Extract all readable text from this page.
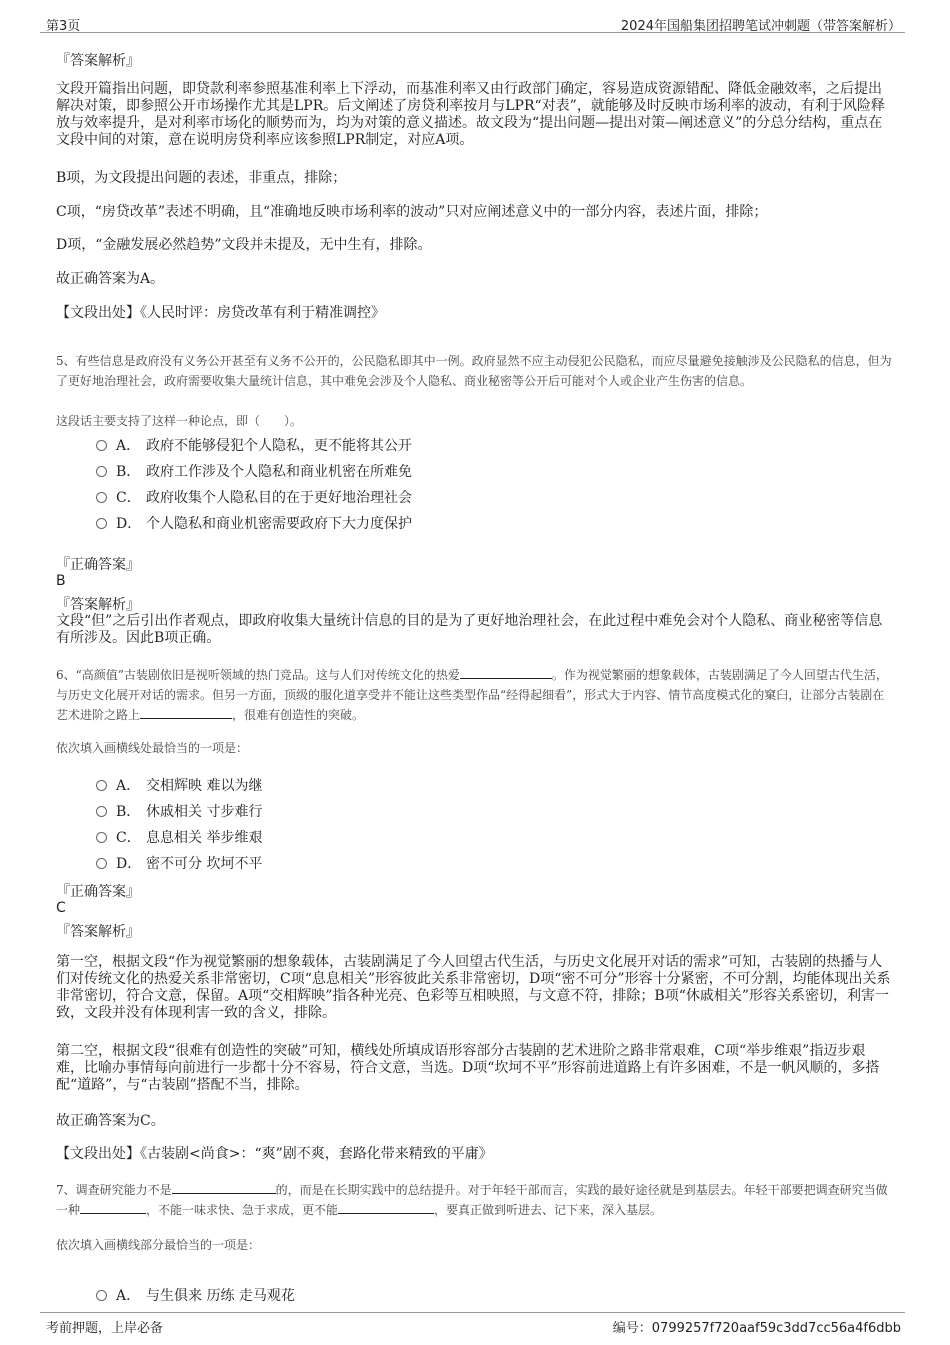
第3页	2024年国船集团招聘笔试冲刺题（带答案解析）

『答案解析』

文段开篇指出问题，即贷款利率参照基准利率上下浮动，而基准利率又由行政部门确定，容易造成资源错配、降低金融效率，之后提出解决对策，即参照公开市场操作尤其是LPR。后文阐述了房贷利率按月与LPR“对表”，就能够及时反映市场利率的波动，有利于风险释放与效率提升，是对利率市场化的顺势而为，均为对策的意义描述。故文段为“提出问题—提出对策—阐述意义”的分总分结构，重点在文段中间的对策，意在说明房贷利率应该参照LPR制定，对应A项。

B项，为文段提出问题的表述，非重点，排除；

C项，“房贷改革”表述不明确，且“准确地反映市场利率的波动”只对应阐述意义中的一部分内容，表述片面，排除；

D项，“金融发展必然趋势”文段并未提及，无中生有，排除。

故正确答案为A。

【文段出处】《人民时评：房贷改革有利于精准调控》

5、有些信息是政府没有义务公开甚至有义务不公开的，公民隐私即其中一例。政府显然不应主动侵犯公民隐私，而应尽量避免接触涉及公民隐私的信息，但为了更好地治理社会，政府需要收集大量统计信息，其中难免会涉及个人隐私、商业秘密等公开后可能对个人或企业产生伤害的信息。

这段话主要支持了这样一种论点，即（　　）。

A． 政府不能够侵犯个人隐私，更不能将其公开
B． 政府工作涉及个人隐私和商业机密在所难免
C． 政府收集个人隐私目的在于更好地治理社会
D． 个人隐私和商业机密需要政府下大力度保护

『正确答案』

B

『答案解析』

文段“但”之后引出作者观点，即政府收集大量统计信息的目的是为了更好地治理社会，在此过程中难免会对个人隐私、商业秘密等信息有所涉及。因此B项正确。

6、“高颜值”古装剧依旧是视听领域的热门竞品。这与人们对传统文化的热爱	。作为视觉繁丽的想象载体，古装剧满足了今人回望古代生活，与历史文化展开对话的需求。但另一方面，顶级的服化道享受并不能让这些类型作品“经得起细看”，形式大于内容、情节高度模式化的窠臼，让部分古装剧在艺术进阶之路上	，很难有创造性的突破。

依次填入画横线处最恰当的一项是：

A． 交相辉映 难以为继
B． 休戚相关 寸步难行
C． 息息相关 举步维艰
D． 密不可分 坎坷不平

『正确答案』

C

『答案解析』

第一空，根据文段“作为视觉繁丽的想象载体，古装剧满足了今人回望古代生活，与历史文化展开对话的需求”可知，古装剧的热播与人们对传统文化的热爱关系非常密切，C项“息息相关”形容彼此关系非常密切，D项“密不可分”形容十分紧密，不可分割，均能体现出关系非常密切，符合文意，保留。A项“交相辉映”指各种光亮、色彩等互相映照，与文意不符，排除；B项“休戚相关”形容关系密切，利害一致，文段并没有体现利害一致的含义，排除。

第二空，根据文段“很难有创造性的突破”可知，横线处所填成语形容部分古装剧的艺术进阶之路非常艰难，C项“举步维艰”指迈步艰难，比喻办事情每向前进行一步都十分不容易，符合文意，当选。D项“坎坷不平”形容前进道路上有许多困难，不是一帆风顺的，多搭配“道路”，与“古装剧”搭配不当，排除。

故正确答案为C。

【文段出处】《古装剧<尚食>：“爽”剧不爽，套路化带来精致的平庸》

7、调查研究能力不是	的，而是在长期实践中的总结提升。对于年轻干部而言，实践的最好途径就是到基层去。年轻干部要把调查研究当做一种	，不能一味求快、急于求成，更不能	，要真正做到听进去、记下来，深入基层。

依次填入画横线部分最恰当的一项是：

A． 与生俱来 历练 走马观花
考前押题，上岸必备	编号：0799257f720aaf59c3dd7cc56a4f6dbb
